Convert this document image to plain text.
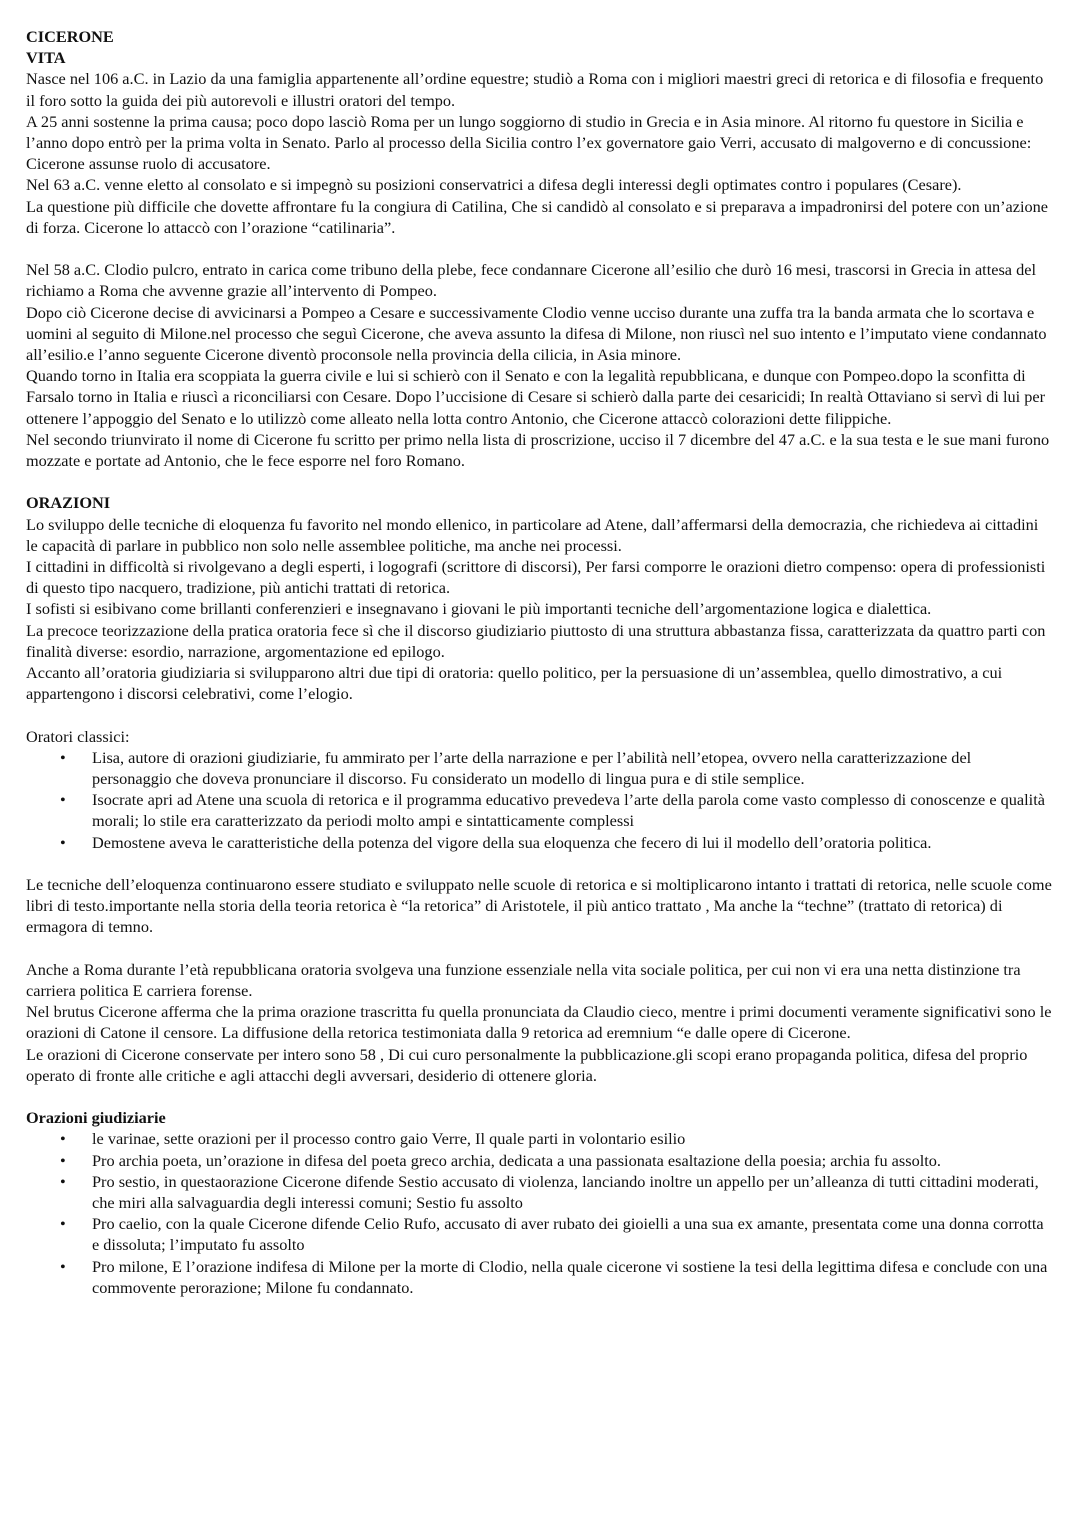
CICERONE

VITA

Nasce nel 106 a.C. in Lazio da una famiglia appartenente all’ordine equestre; studiò a Roma con i migliori maestri greci di retorica e di filosofia e frequento il foro sotto la guida dei più autorevoli e illustri oratori del tempo.

A 25 anni sostenne la prima causa; poco dopo lasciò Roma per un lungo soggiorno di studio in Grecia e in Asia minore. Al ritorno fu questore in Sicilia e l’anno dopo entrò per la prima volta in Senato. Parlo al processo della Sicilia contro l’ex governatore gaio Verri, accusato di malgoverno e di concussione: Cicerone assunse ruolo di accusatore.

Nel 63 a.C. venne eletto al consolato e si impegnò su posizioni conservatrici a difesa degli interessi degli optimates contro i populares (Cesare).

La questione più difficile che dovette affrontare fu la congiura di Catilina, Che si candidò al consolato e si preparava a impadronirsi del potere con un’azione di forza. Cicerone lo attaccò con l’orazione “catilinaria”.

Nel 58 a.C. Clodio pulcro, entrato in carica come tribuno della plebe, fece condannare Cicerone all’esilio che durò 16 mesi, trascorsi in Grecia in attesa del richiamo a Roma che avvenne grazie all’intervento di Pompeo.

Dopo ciò Cicerone decise di avvicinarsi a Pompeo a Cesare e successivamente Clodio venne ucciso durante una zuffa tra la banda armata che lo scortava e uomini al seguito di Milone.nel processo che seguì Cicerone, che aveva assunto la difesa di Milone, non riuscì nel suo intento e l’imputato viene condannato all’esilio.e l’anno seguente Cicerone diventò proconsole nella provincia della cilicia, in Asia minore.

Quando torno in Italia era scoppiata la guerra civile e lui si schierò con il Senato e con la legalità repubblicana, e dunque con Pompeo.dopo la sconfitta di Farsalo torno in Italia e riuscì a riconciliarsi con Cesare. Dopo l’uccisione di Cesare si schierò dalla parte dei cesaricidi; In realtà Ottaviano si servì di lui per ottenere l’appoggio del Senato e lo utilizzò come alleato nella lotta contro Antonio, che Cicerone attaccò colorazioni dette filippiche.

Nel secondo triunvirato il nome di Cicerone fu scritto per primo nella lista di proscrizione, ucciso il 7 dicembre del 47 a.C. e la sua testa e le sue mani furono mozzate e portate ad Antonio, che le fece esporre nel foro Romano.

ORAZIONI

Lo sviluppo delle tecniche di eloquenza fu favorito nel mondo ellenico, in particolare ad Atene, dall’affermarsi della democrazia, che richiedeva ai cittadini le capacità di parlare in pubblico non solo nelle assemblee politiche, ma anche nei processi.

I cittadini in difficoltà si rivolgevano a degli esperti, i logografi (scrittore di discorsi), Per farsi comporre le orazioni dietro compenso: opera di professionisti di questo tipo nacquero, tradizione, più antichi trattati di retorica.

I sofisti si esibivano come brillanti conferenzieri e insegnavano i giovani le più importanti tecniche dell’argomentazione logica e dialettica.

La precoce teorizzazione della pratica oratoria fece sì che il discorso giudiziario piuttosto di una struttura abbastanza fissa, caratterizzata da quattro parti con finalità diverse: esordio, narrazione, argomentazione ed epilogo.

Accanto all’oratoria giudiziaria si svilupparono altri due tipi di oratoria: quello politico, per la persuasione di un’assemblea, quello dimostrativo, a cui appartengono i discorsi celebrativi, come l’elogio.

Oratori classici:

• Lisa, autore di orazioni giudiziarie, fu ammirato per l’arte della narrazione e per l’abilità nell’etopea, ovvero nella caratterizzazione del personaggio che doveva pronunciare il discorso. Fu considerato un modello di lingua pura e di stile semplice.
• Isocrate apri ad Atene una scuola di retorica e il programma educativo prevedeva l’arte della parola come vasto complesso di conoscenze e qualità morali; lo stile era caratterizzato da periodi molto ampi e sintatticamente complessi
• Demostene aveva le caratteristiche della potenza del vigore della sua eloquenza che fecero di lui il modello dell’oratoria politica.

Le tecniche dell’eloquenza continuarono essere studiato e sviluppato nelle scuole di retorica e si moltiplicarono intanto i trattati di retorica, nelle scuole come libri di testo.importante nella storia della teoria retorica è “la retorica” di Aristotele, il più antico trattato , Ma anche la “techne” (trattato di retorica) di ermagora di temno.

Anche a Roma durante l’età repubblicana oratoria svolgeva una funzione essenziale nella vita sociale politica, per cui non vi era una netta distinzione tra carriera politica E carriera forense.

Nel brutus Cicerone afferma che la prima orazione trascritta fu quella pronunciata da Claudio cieco, mentre i primi documenti veramente significativi sono le orazioni di Catone il censore. La diffusione della retorica testimoniata dalla 9 retorica ad eremnium “e dalle opere di Cicerone.

Le orazioni di Cicerone conservate per intero sono 58 , Di cui curo personalmente la pubblicazione.gli scopi erano propaganda politica, difesa del proprio operato di fronte alle critiche e agli attacchi degli avversari, desiderio di ottenere gloria.

Orazioni giudiziarie

• le varinae, sette orazioni per il processo contro gaio Verre, Il quale parti in volontario esilio
• Pro archia poeta, un’orazione in difesa del poeta greco archia, dedicata a una passionata esaltazione della poesia; archia fu assolto.
• Pro sestio, in questaorazione Cicerone difende Sestio accusato di violenza, lanciando inoltre un appello per un’alleanza di tutti cittadini moderati, che miri alla salvaguardia degli interessi comuni; Sestio fu assolto
• Pro caelio, con la quale Cicerone difende Celio Rufo, accusato di aver rubato dei gioielli a una sua ex amante, presentata come una donna corrotta e dissoluta; l’imputato fu assolto
• Pro milone, E l’orazione indifesa di Milone per la morte di Clodio, nella quale cicerone vi sostiene la tesi della legittima difesa e conclude con una commovente perorazione; Milone fu condannato.
